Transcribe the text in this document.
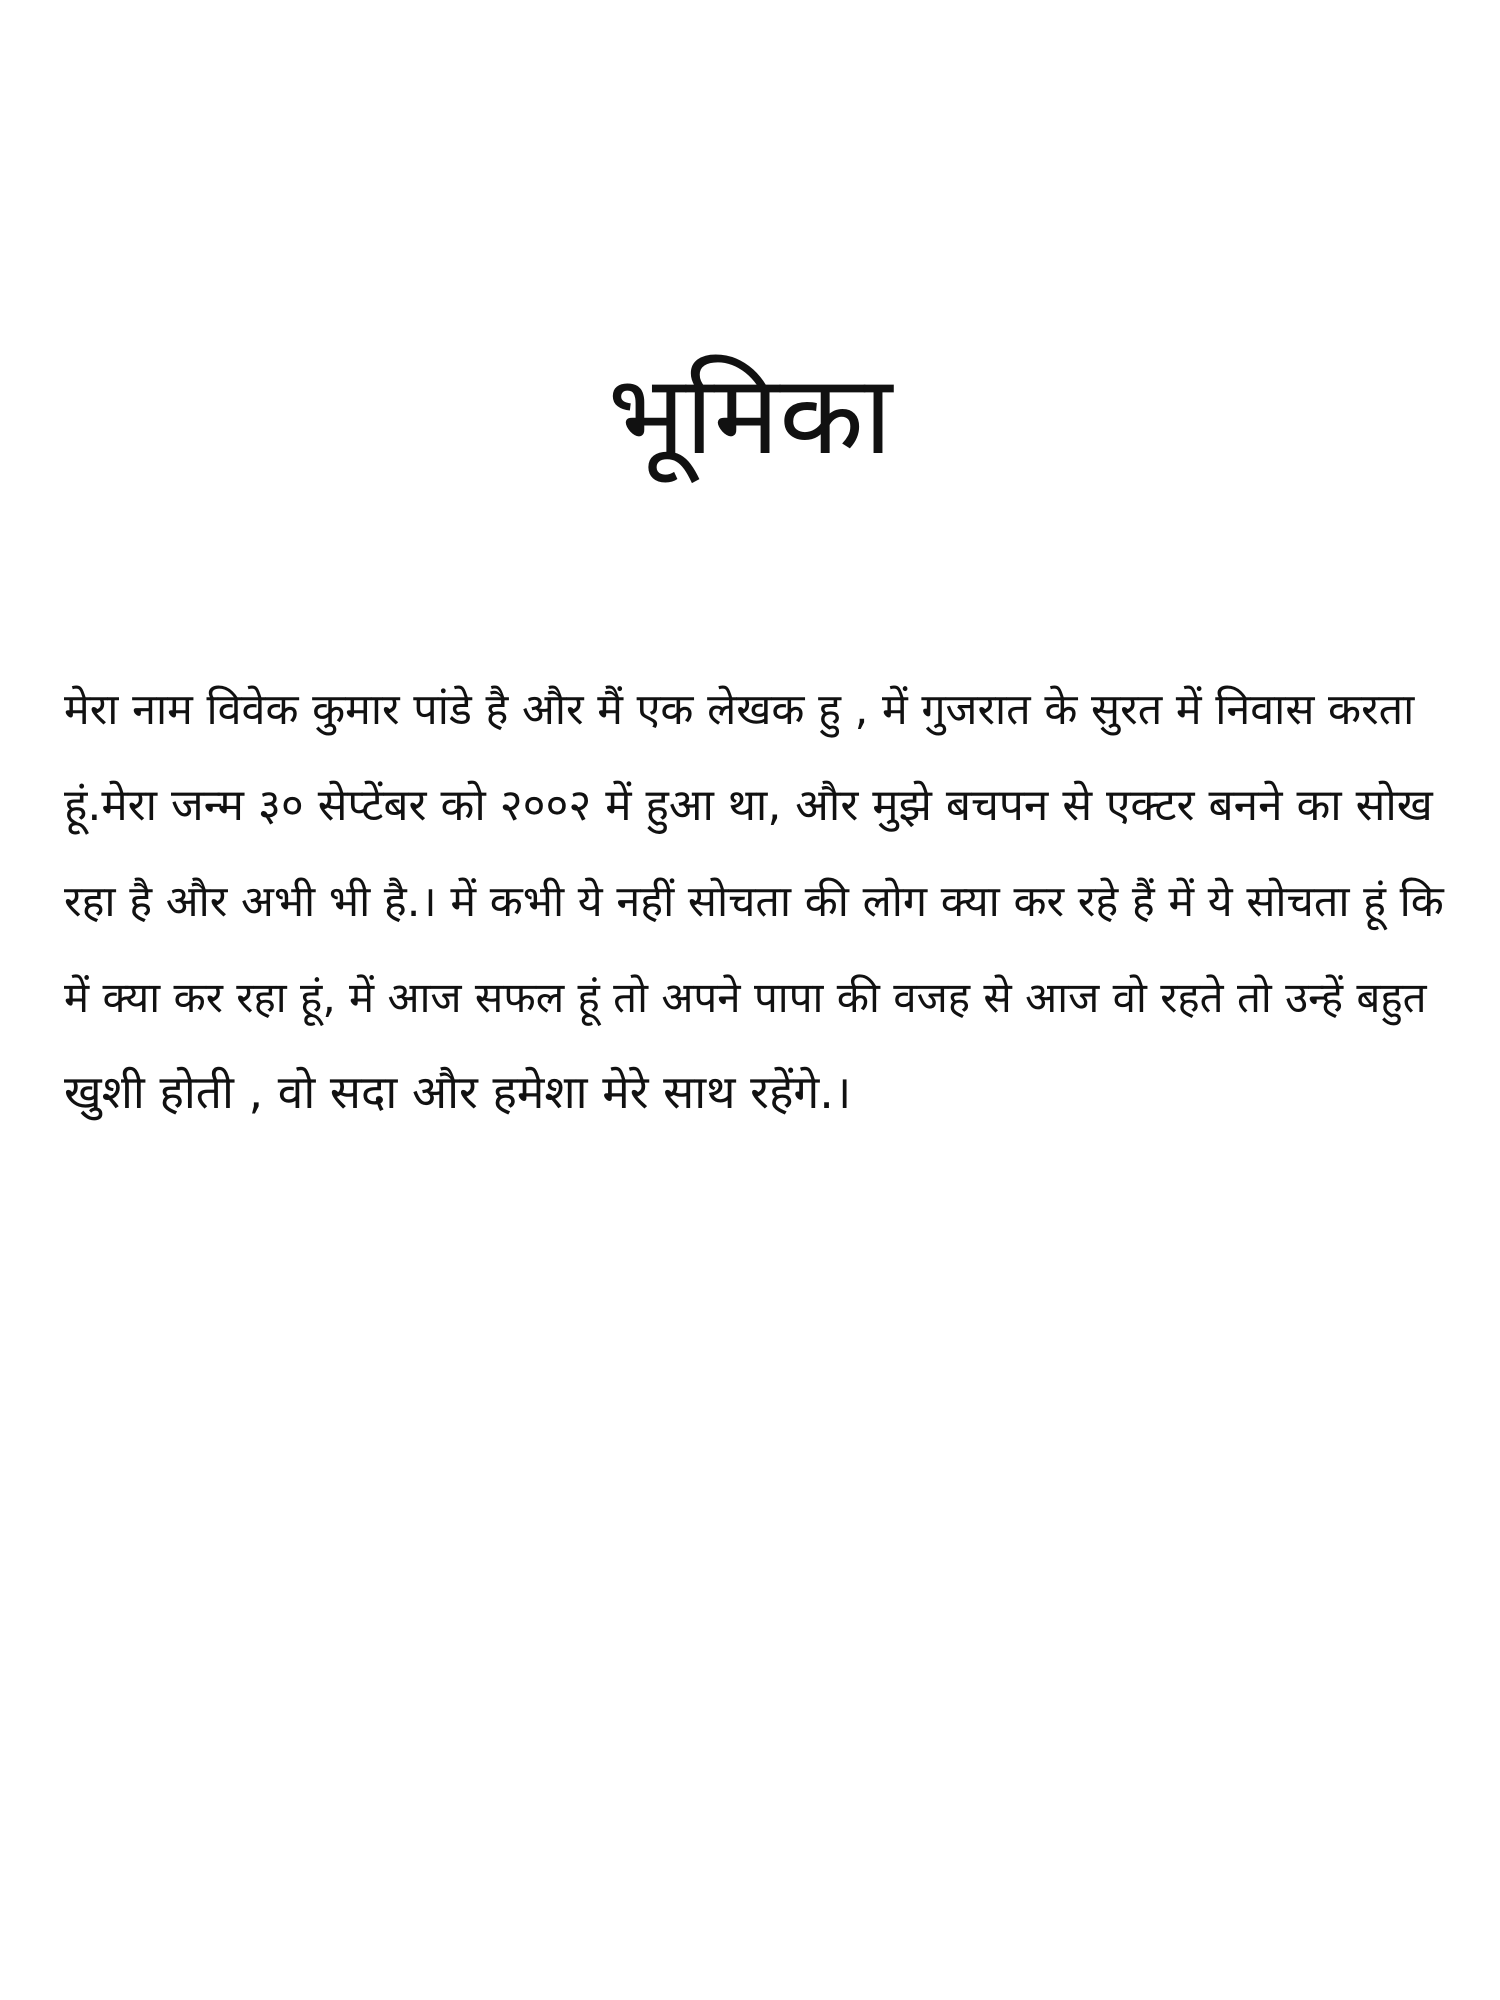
भूमिका
मेरा नाम विवेक कुमार पांडे है और मैं एक लेखक हु , में गुजरात के सुरत में निवास करता
हूं.मेरा जन्म ३० सेप्टेंबर को २००२ में हुआ था, और मुझे बचपन से एक्टर बनने का सोख
रहा है और अभी भी है.। में कभी ये नहीं सोचता की लोग क्या कर रहे हैं में ये सोचता हूं कि
में क्या कर रहा हूं, में आज सफल हूं तो अपने पापा की वजह से आज वो रहते तो उन्हें बहुत
खुशी होती , वो सदा और हमेशा मेरे साथ रहेंगे.।
